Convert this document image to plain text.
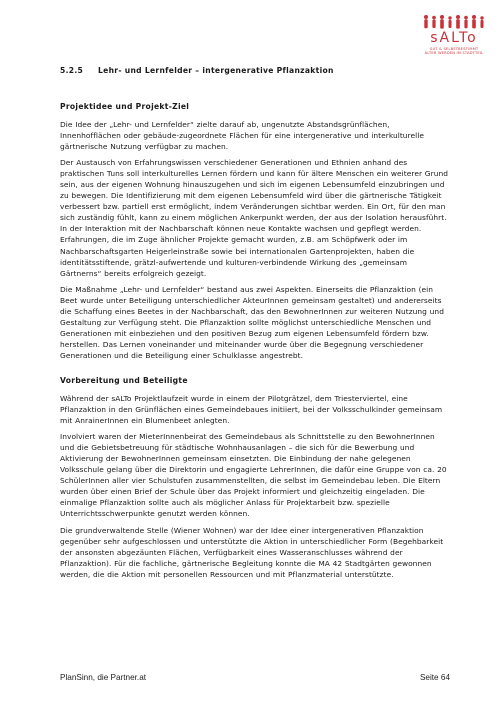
sALTo
GUT & SELBSTBESTIMMT
ÄLTER WERDEN IM STADTTEIL
5.2.5 Lehr- und Lernfelder – intergenerative Pflanzaktion
Projektidee und Projekt-Ziel

Die Idee der „Lehr- und Lernfelder“ zielte darauf ab, ungenutzte Abstandsgrünflächen, Innenhofflächen oder gebäude-zugeordnete Flächen für eine intergenerative und interkulturelle gärtnerische Nutzung verfügbar zu machen.

Der Austausch von Erfahrungswissen verschiedener Generationen und Ethnien anhand des praktischen Tuns soll interkulturelles Lernen fördern und kann für ältere Menschen ein weiterer Grund sein, aus der eigenen Wohnung hinauszugehen und sich im eigenen Lebensumfeld einzubringen und zu bewegen. Die Identifizierung mit dem eigenen Lebensumfeld wird über die gärtnerische Tätigkeit verbessert bzw. partiell erst ermöglicht, indem Veränderungen sichtbar werden. Ein Ort, für den man sich zuständig fühlt, kann zu einem möglichen Ankerpunkt werden, der aus der Isolation herausführt. In der Interaktion mit der Nachbarschaft können neue Kontakte wachsen und gepflegt werden. Erfahrungen, die im Zuge ähnlicher Projekte gemacht wurden, z.B. am Schöpfwerk oder im Nachbarschaftsgarten Heigerleinstraße sowie bei internationalen Gartenprojekten, haben die identitätsstiftende, grätzl-aufwertende und kulturen-verbindende Wirkung des „gemeinsam Gärtnerns“ bereits erfolgreich gezeigt.

Die Maßnahme „Lehr- und Lernfelder“ bestand aus zwei Aspekten. Einerseits die Pflanzaktion (ein Beet wurde unter Beteiligung unterschiedlicher AkteurInnen gemeinsam gestaltet) und andererseits die Schaffung eines Beetes in der Nachbarschaft, das den BewohnerInnen zur weiteren Nutzung und Gestaltung zur Verfügung steht. Die Pflanzaktion sollte möglichst unterschiedliche Menschen und Generationen mit einbeziehen und den positiven Bezug zum eigenen Lebensumfeld fördern bzw. herstellen. Das Lernen voneinander und miteinander wurde über die Begegnung verschiedener Generationen und die Beteiligung einer Schulklasse angestrebt.

Vorbereitung und Beteiligte

Während der sALTo Projektlaufzeit wurde in einem der Pilotgrätzel, dem Triesterviertel, eine Pflanzaktion in den Grünflächen eines Gemeindebaues initiiert, bei der Volksschulkinder gemeinsam mit AnrainerInnen ein Blumenbeet anlegten.

Involviert waren der MieterInnenbeirat des Gemeindebaus als Schnittstelle zu den BewohnerInnen und die Gebietsbetreuung für städtische Wohnhausanlagen – die sich für die Bewerbung und Aktivierung der BewohnerInnen gemeinsam einsetzten. Die Einbindung der nahe gelegenen Volksschule gelang über die Direktorin und engagierte LehrerInnen, die dafür eine Gruppe von ca. 20 SchülerInnen aller vier Schulstufen zusammenstellten, die selbst im Gemeindebau leben. Die Eltern wurden über einen Brief der Schule über das Projekt informiert und gleichzeitig eingeladen. Die einmalige Pflanzaktion sollte auch als möglicher Anlass für Projektarbeit bzw. spezielle Unterrichtsschwerpunkte genutzt werden können.

Die grundverwaltende Stelle (Wiener Wohnen) war der Idee einer intergenerativen Pflanzaktion gegenüber sehr aufgeschlossen und unterstützte die Aktion in unterschiedlicher Form (Begehbarkeit der ansonsten abgezäunten Flächen, Verfügbarkeit eines Wasseranschlusses während der Pflanzaktion). Für die fachliche, gärtnerische Begleitung konnte die MA 42 Stadtgärten gewonnen werden, die die Aktion mit personellen Ressourcen und mit Pflanzmaterial unterstützte.

PlanSinn, die Partner.at	Seite 64
